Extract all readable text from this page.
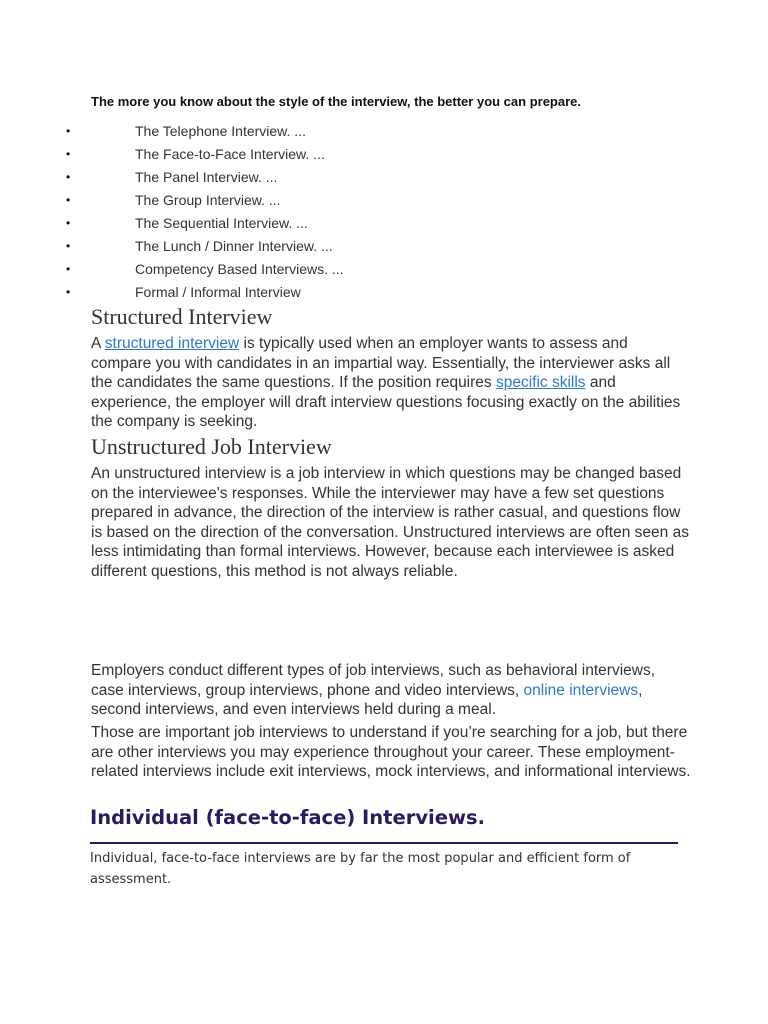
The more you know about the style of the interview, the better you can prepare.

•	The Telephone Interview. ...
•	The Face-to-Face Interview. ...
•	The Panel Interview. ...
•	The Group Interview. ...
•	The Sequential Interview. ...
•	The Lunch / Dinner Interview. ...
•	Competency Based Interviews. ...
•	Formal / Informal Interview
Structured Interview

A structured interview is typically used when an employer wants to assess and compare you with candidates in an impartial way. Essentially, the interviewer asks all the candidates the same questions. If the position requires specific skills and experience, the employer will draft interview questions focusing exactly on the abilities the company is seeking.

Unstructured Job Interview

An unstructured interview is a job interview in which questions may be changed based on the interviewee's responses. While the interviewer may have a few set questions prepared in advance, the direction of the interview is rather casual, and questions flow is based on the direction of the conversation. Unstructured interviews are often seen as less intimidating than formal interviews. However, because each interviewee is asked different questions, this method is not always reliable.

Employers conduct different types of job interviews, such as behavioral interviews, case interviews, group interviews, phone and video interviews, online interviews, second interviews, and even interviews held during a meal.

Those are important job interviews to understand if you’re searching for a job, but there are other interviews you may experience throughout your career. These employment-related interviews include exit interviews, mock interviews, and informational interviews.

Individual (face-to-face) Interviews.

Individual, face-to-face interviews are by far the most popular and efficient form of assessment.
